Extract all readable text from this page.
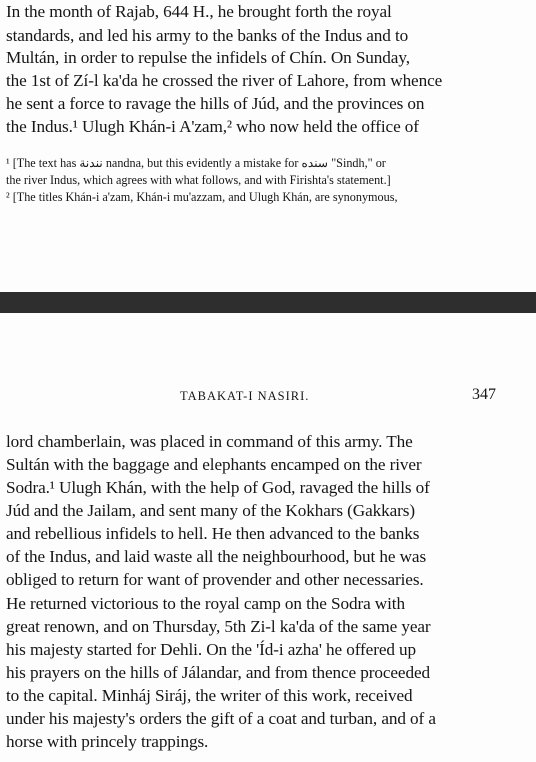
In the month of Rajab, 644 H., he brought forth the royal

standards, and led his army to the banks of the Indus and to

Multán, in order to repulse the infidels of Chín. On Sunday,

the 1st of Zí-l ka'da he crossed the river of Lahore, from whence

he sent a force to ravage the hills of Júd, and the provinces on

the Indus.¹ Ulugh Khán-i A'zam,² who now held the office of

¹ [The text has ﻧﻨﺪﻧﺔ nandna, but this evidently a mistake for ﺳﻨﺪﻩ "Sindh," or

the river Indus, which agrees with what follows, and with Firishta's statement.]

² [The titles Khán-i a'zam, Khán-i mu'azzam, and Ulugh Khán, are synonymous,

TABAKAT-I NASIRI.	347

lord chamberlain, was placed in command of this army. The

Sultán with the baggage and elephants encamped on the river

Sodra.¹ Ulugh Khán, with the help of God, ravaged the hills of

Júd and the Jailam, and sent many of the Kokhars (Gakkars)

and rebellious infidels to hell. He then advanced to the banks

of the Indus, and laid waste all the neighbourhood, but he was

obliged to return for want of provender and other necessaries.

He returned victorious to the royal camp on the Sodra with

great renown, and on Thursday, 5th Zi-l ka'da of the same year

his majesty started for Dehli. On the 'Íd-i azha' he offered up

his prayers on the hills of Jálandar, and from thence proceeded

to the capital. Minháj Siráj, the writer of this work, received

under his majesty's orders the gift of a coat and turban, and of a

horse with princely trappings.
